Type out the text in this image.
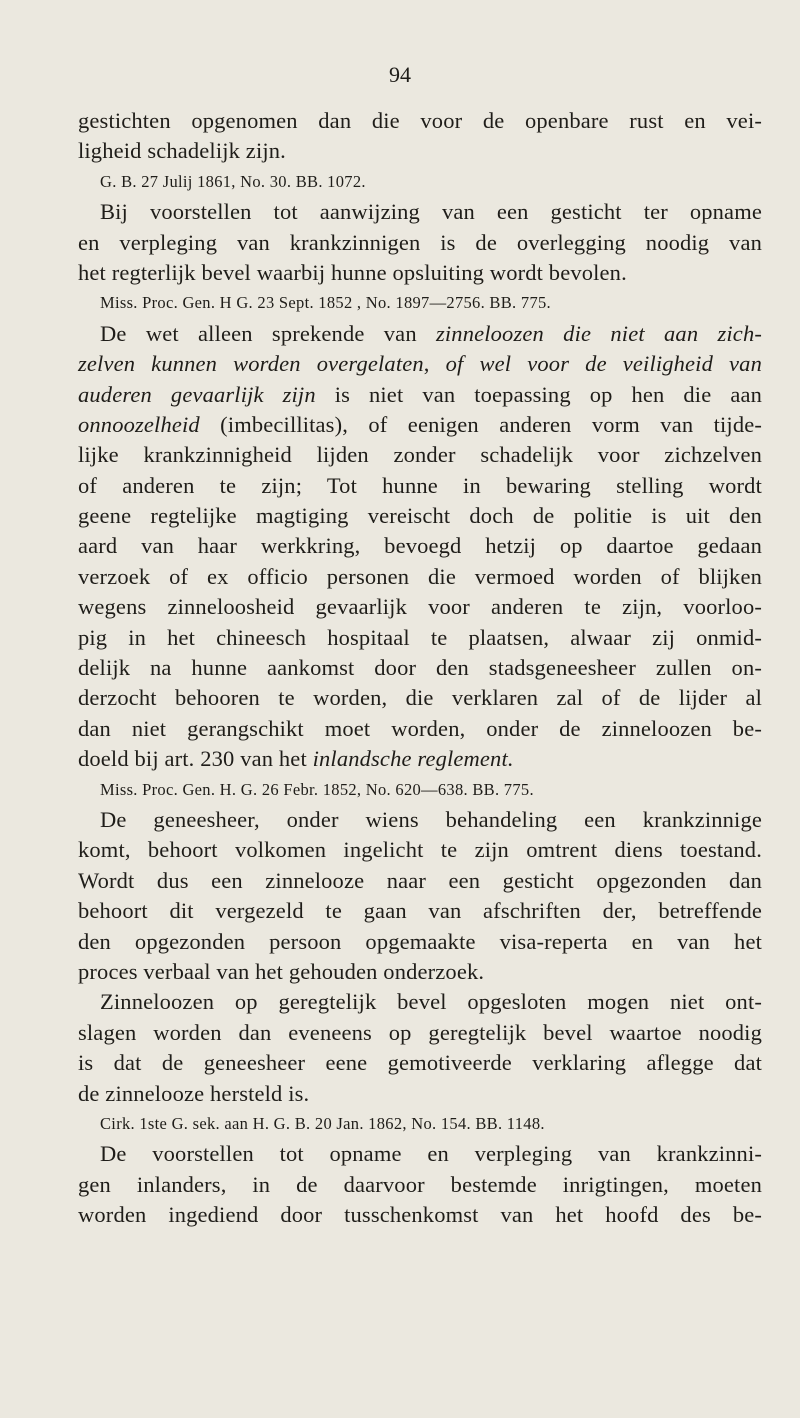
94
gestichten opgenomen dan die voor de openbare rust en vei-
ligheid schadelijk zijn.
G. B. 27 Julij 1861, No. 30. BB. 1072.
Bij voorstellen tot aanwijzing van een gesticht ter opname
en verpleging van krankzinnigen is de overlegging noodig van
het regterlijk bevel waarbij hunne opsluiting wordt bevolen.
Miss. Proc. Gen. H G. 23 Sept. 1852 , No. 1897—2756. BB. 775.
De wet alleen sprekende van zinneloozen die niet aan zich-
zelven kunnen worden overgelaten, of wel voor de veiligheid van
auderen gevaarlijk zijn is niet van toepassing op hen die aan
onnoozelheid (imbecillitas), of eenigen anderen vorm van tijde-
lijke krankzinnigheid lijden zonder schadelijk voor zichzelven
of anderen te zijn; Tot hunne in bewaring stelling wordt
geene regtelijke magtiging vereischt doch de politie is uit den
aard van haar werkkring, bevoegd hetzij op daartoe gedaan
verzoek of ex officio personen die vermoed worden of blijken
wegens zinneloosheid gevaarlijk voor anderen te zijn, voorloo-
pig in het chineesch hospitaal te plaatsen, alwaar zij onmid-
delijk na hunne aankomst door den stadsgeneesheer zullen on-
derzocht behooren te worden, die verklaren zal of de lijder al
dan niet gerangschikt moet worden, onder de zinneloozen be-
doeld bij art. 230 van het inlandsche reglement.
Miss. Proc. Gen. H. G. 26 Febr. 1852, No. 620—638. BB. 775.
De geneesheer, onder wiens behandeling een krankzinnige
komt, behoort volkomen ingelicht te zijn omtrent diens toestand.
Wordt dus een zinnelooze naar een gesticht opgezonden dan
behoort dit vergezeld te gaan van afschriften der, betreffende
den opgezonden persoon opgemaakte visa-reperta en van het
proces verbaal van het gehouden onderzoek.
Zinneloozen op geregtelijk bevel opgesloten mogen niet ont-
slagen worden dan eveneens op geregtelijk bevel waartoe noodig
is dat de geneesheer eene gemotiveerde verklaring aflegge dat
de zinnelooze hersteld is.
Cirk. 1ste G. sek. aan H. G. B. 20 Jan. 1862, No. 154. BB. 1148.
De voorstellen tot opname en verpleging van krankzinni-
gen inlanders, in de daarvoor bestemde inrigtingen, moeten
worden ingediend door tusschenkomst van het hoofd des be-
